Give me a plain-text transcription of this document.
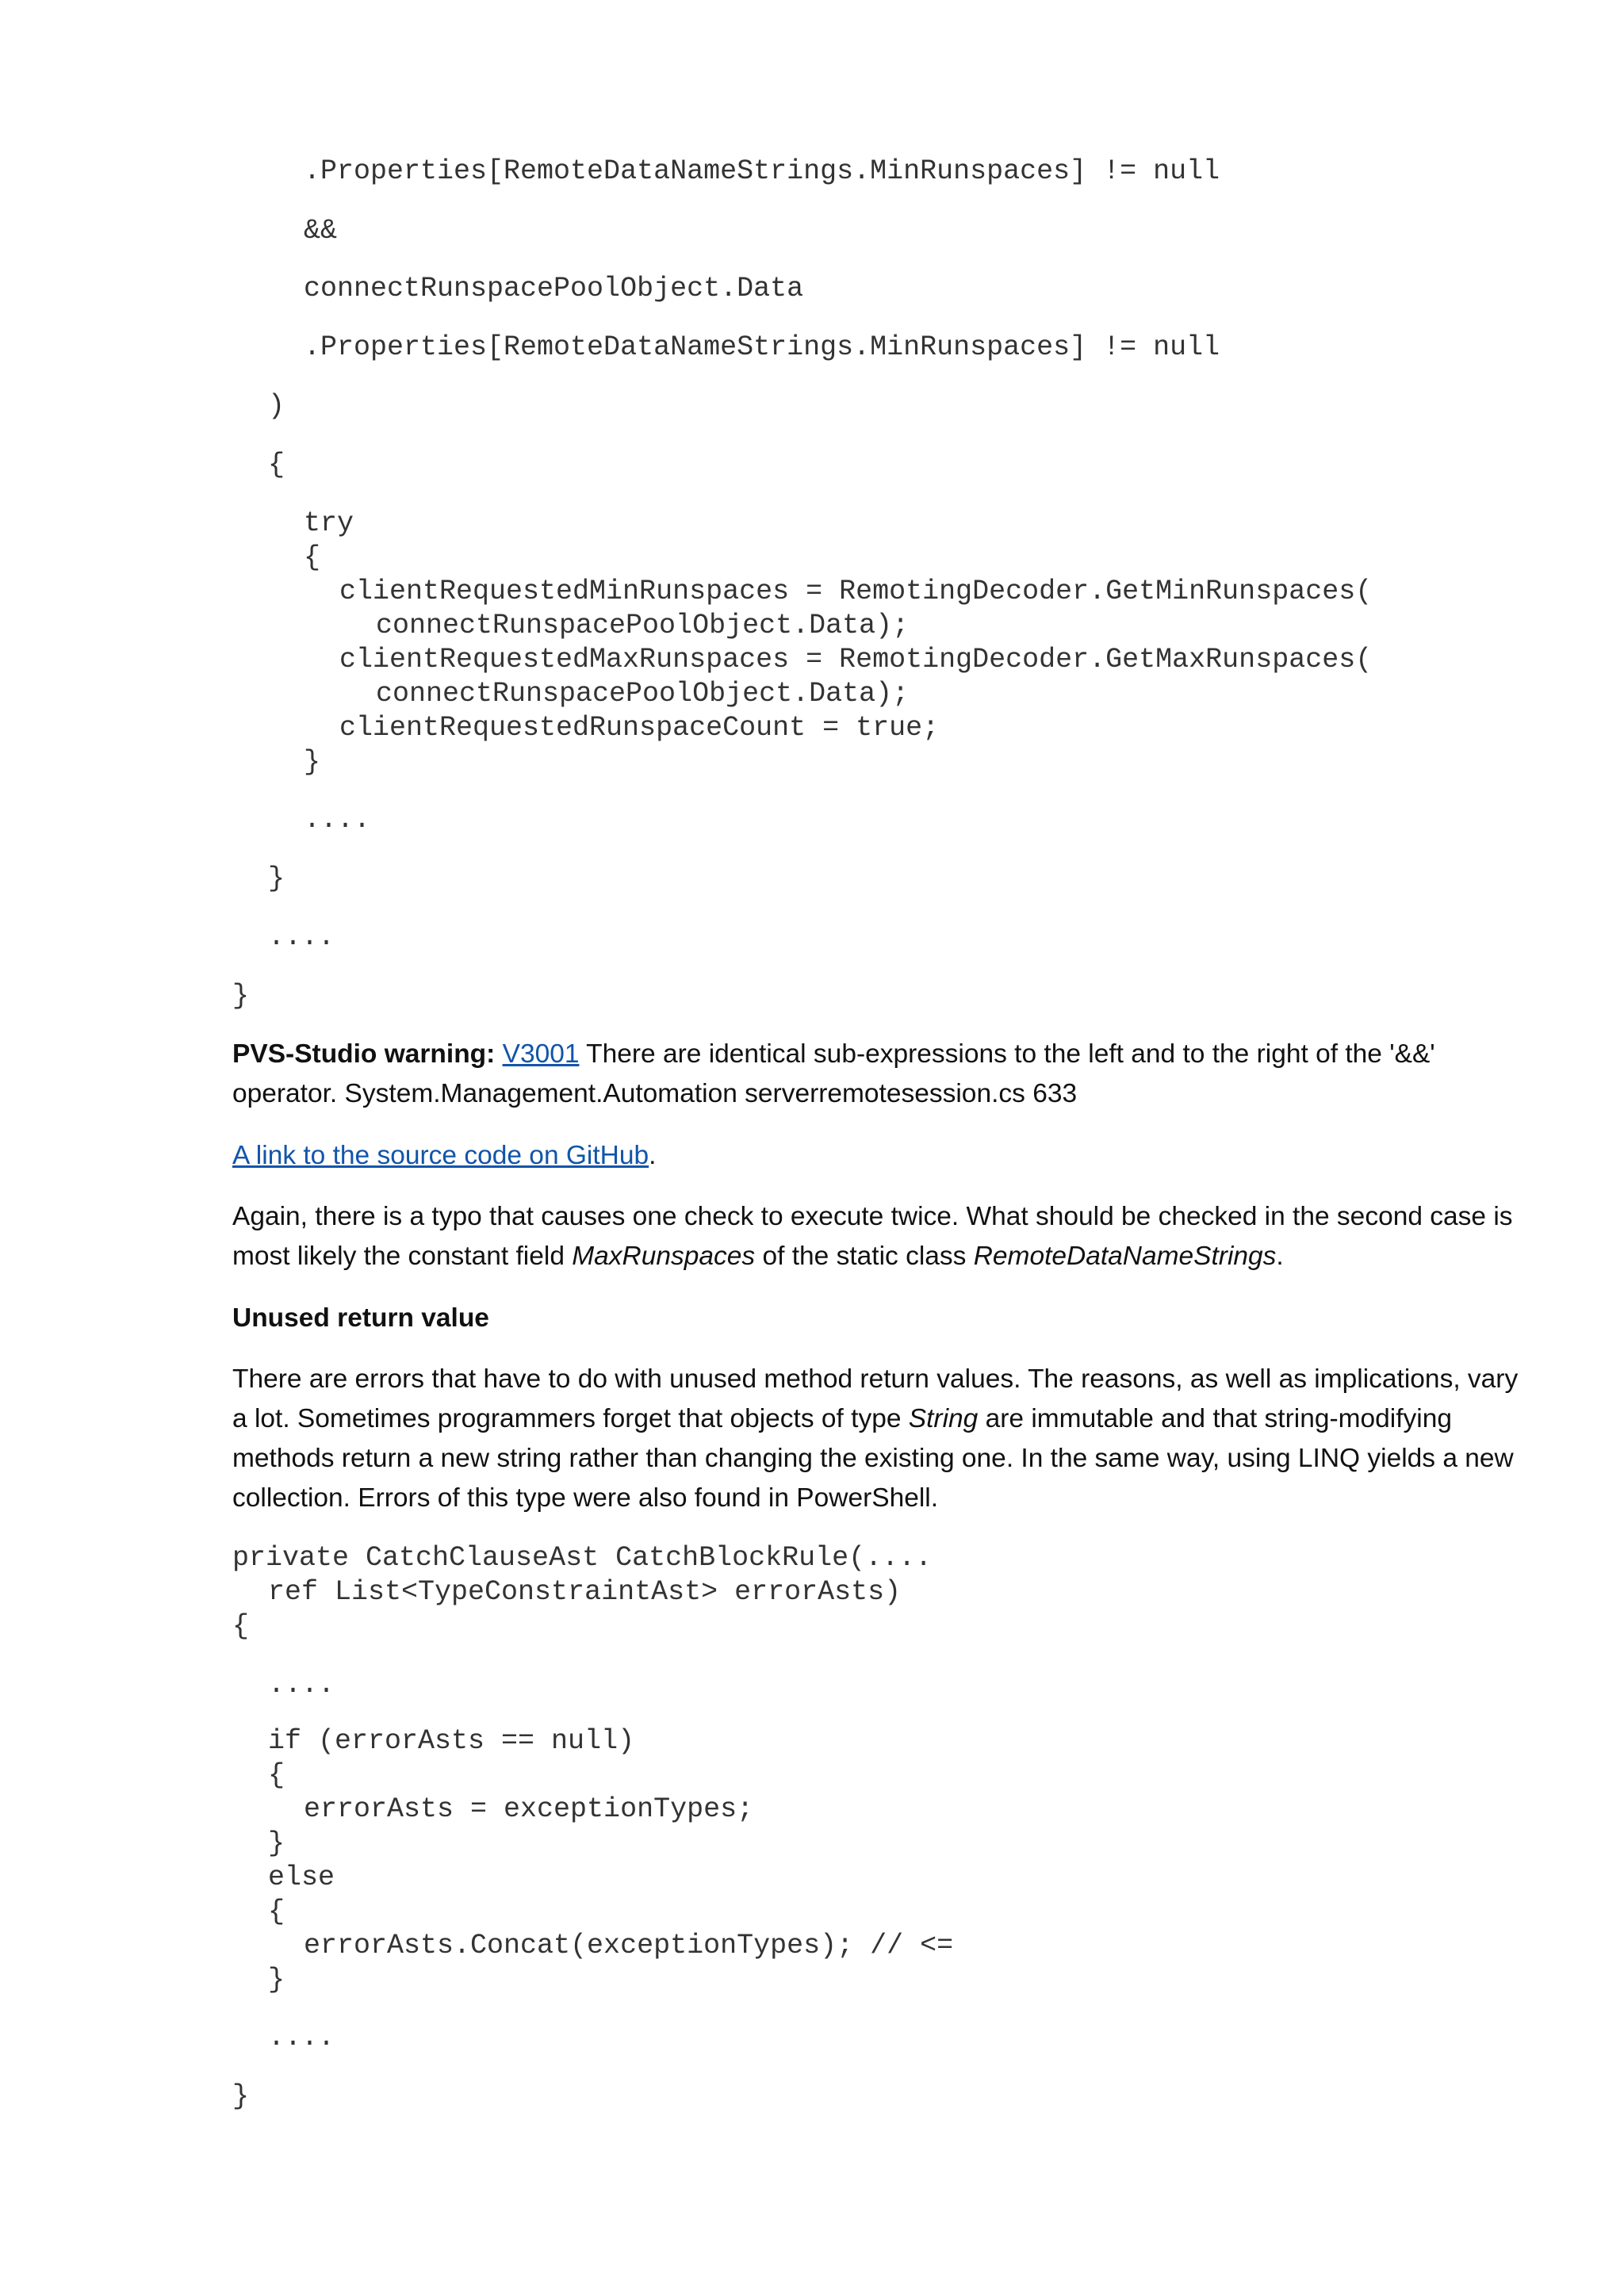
.Properties[RemoteDataNameStrings.MinRunspaces] != null
&&
connectRunspacePoolObject.Data
.Properties[RemoteDataNameStrings.MinRunspaces] != null
)
{
try
{
clientRequestedMinRunspaces = RemotingDecoder.GetMinRunspaces(
connectRunspacePoolObject.Data);
clientRequestedMaxRunspaces = RemotingDecoder.GetMaxRunspaces(
connectRunspacePoolObject.Data);
clientRequestedRunspaceCount = true;
}
....
}
....
}

PVS-Studio warning: V3001 There are identical sub-expressions to the left and to the right of the '&&' operator. System.Management.Automation serverremotesession.cs 633

A link to the source code on GitHub.

Again, there is a typo that causes one check to execute twice. What should be checked in the second case is most likely the constant field MaxRunspaces of the static class RemoteDataNameStrings.

Unused return value

There are errors that have to do with unused method return values. The reasons, as well as implications, vary a lot. Sometimes programmers forget that objects of type String are immutable and that string-modifying methods return a new string rather than changing the existing one. In the same way, using LINQ yields a new collection. Errors of this type were also found in PowerShell.

private CatchClauseAst CatchBlockRule(....
ref List<TypeConstraintAst> errorAsts)
{
....
if (errorAsts == null)
{
errorAsts = exceptionTypes;
}
else
{
errorAsts.Concat(exceptionTypes); // <=
}
....
}
